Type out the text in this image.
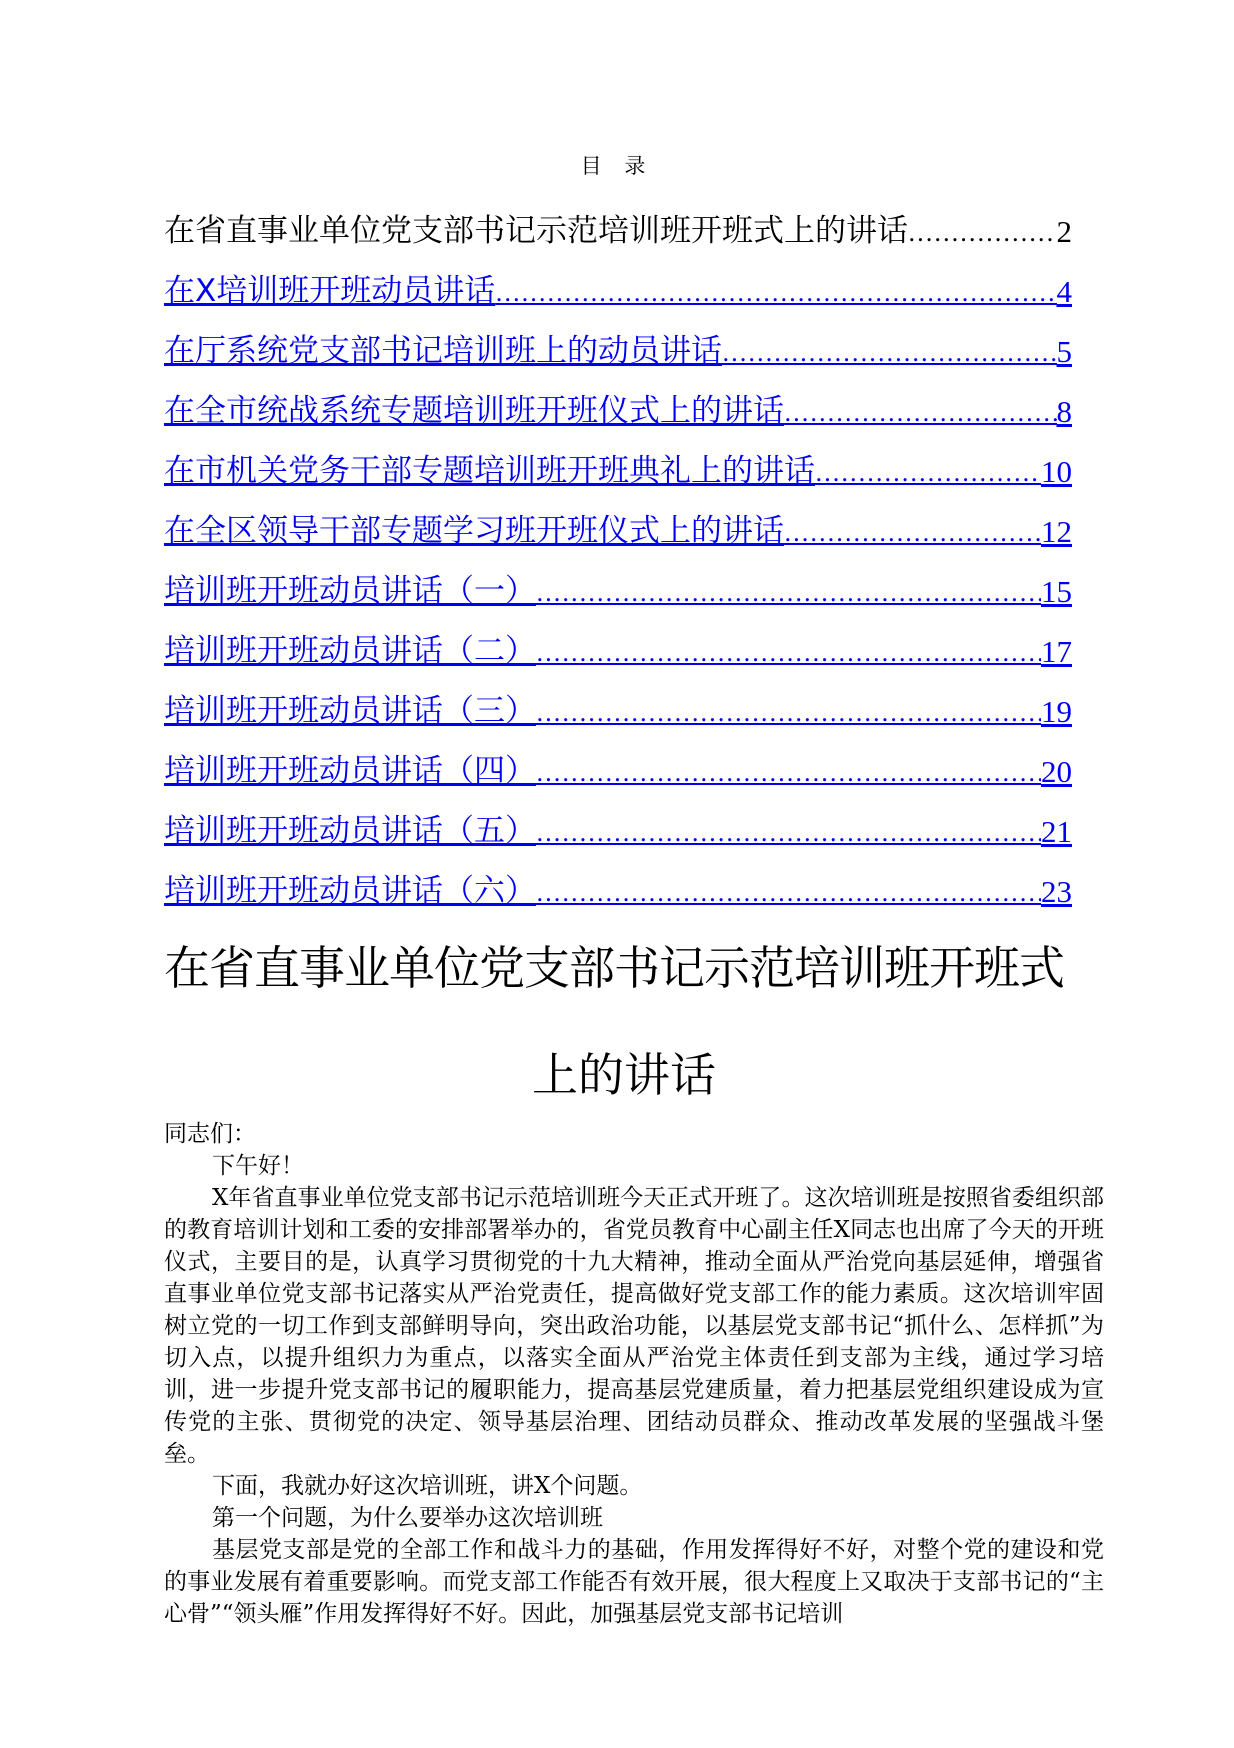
目 录
在省直事业单位党支部书记示范培训班开班式上的讲话 .....	2
在X培训班开班动员讲话 .....	4
在厅系统党支部书记培训班上的动员讲话 .....	5
在全市统战系统专题培训班开班仪式上的讲话 .....	8
在市机关党务干部专题培训班开班典礼上的讲话 .....	10
在全区领导干部专题学习班开班仪式上的讲话 .....	12
培训班开班动员讲话（一） .....	15
培训班开班动员讲话（二） .....	17
培训班开班动员讲话（三） .....	19
培训班开班动员讲话（四） .....	20
培训班开班动员讲话（五） .....	21
培训班开班动员讲话（六） .....	23
在省直事业单位党支部书记示范培训班开班式
上的讲话

同志们：

下午好！

X年省直事业单位党支部书记示范培训班今天正式开班了。这次培训班是按照省委组织部的教育培训计划和工委的安排部署举办的，省党员教育中心副主任X同志也出席了今天的开班仪式，主要目的是，认真学习贯彻党的十九大精神，推动全面从严治党向基层延伸，增强省直事业单位党支部书记落实从严治党责任，提高做好党支部工作的能力素质。这次培训牢固树立党的一切工作到支部鲜明导向，突出政治功能，以基层党支部书记“抓什么、怎样抓”为切入点，以提升组织力为重点，以落实全面从严治党主体责任到支部为主线，通过学习培训，进一步提升党支部书记的履职能力，提高基层党建质量，着力把基层党组织建设成为宣传党的主张、贯彻党的决定、领导基层治理、团结动员群众、推动改革发展的坚强战斗堡垒。

下面，我就办好这次培训班，讲X个问题。

第一个问题，为什么要举办这次培训班

基层党支部是党的全部工作和战斗力的基础，作用发挥得好不好，对整个党的建设和党的事业发展有着重要影响。而党支部工作能否有效开展，很大程度上又取决于支部书记的“主心骨”“领头雁”作用发挥得好不好。因此，加强基层党支部书记培训
